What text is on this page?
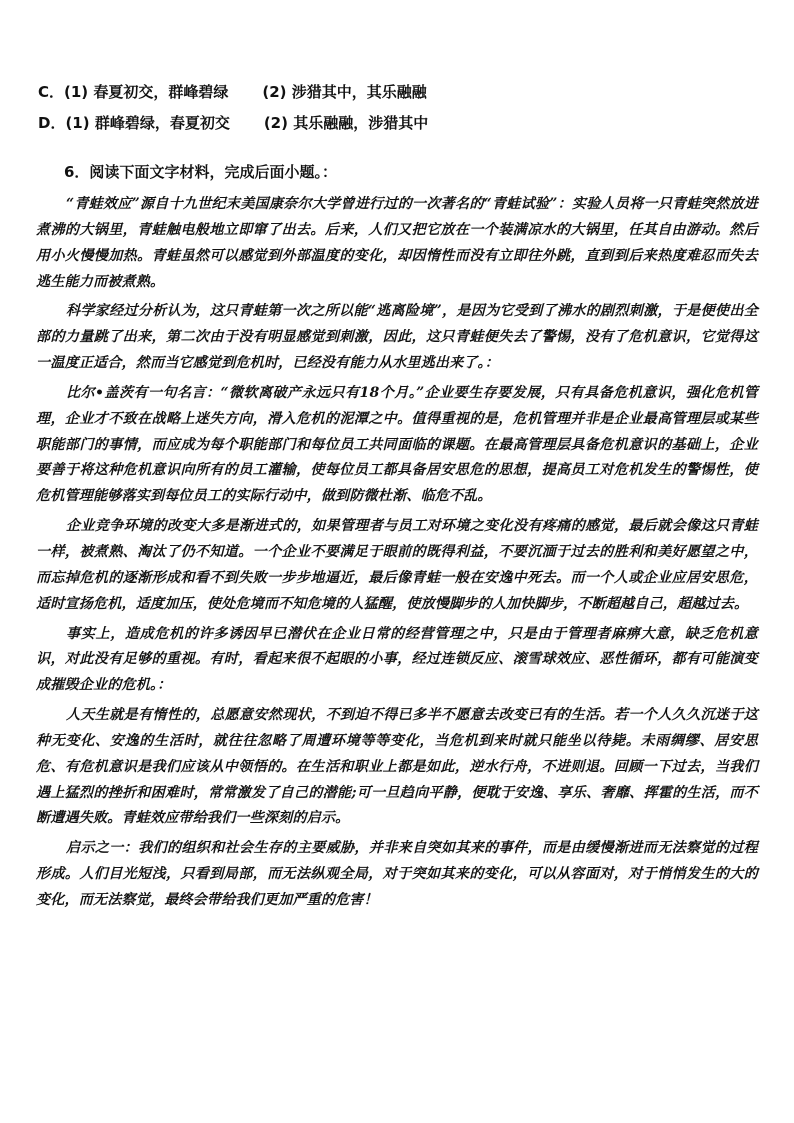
C．(1) 春夏初交，群峰碧绿 (2) 涉猎其中，其乐融融
D．(1) 群峰碧绿，春夏初交 (2) 其乐融融，涉猎其中
6．阅读下面文字材料，完成后面小题。：

“青蛙效应”源自十九世纪末美国康奈尔大学曾进行过的一次著名的“青蛙试验”：实验人员将一只青蛙突然放进煮沸的大锅里，青蛙触电般地立即窜了出去。后来，人们又把它放在一个装满凉水的大锅里，任其自由游动。然后用小火慢慢加热。青蛙虽然可以感觉到外部温度的变化，却因惰性而没有立即往外跳，直到到后来热度难忍而失去逃生能力而被煮熟。

科学家经过分析认为，这只青蛙第一次之所以能“逃离险境”，是因为它受到了沸水的剧烈刺激，于是便使出全部的力量跳了出来，第二次由于没有明显感觉到刺激，因此，这只青蛙便失去了警惕，没有了危机意识，它觉得这一温度正适合，然而当它感觉到危机时，已经没有能力从水里逃出来了。：

比尔•盖茨有一句名言：“微软离破产永远只有18个月。”企业要生存要发展，只有具备危机意识，强化危机管理，企业才不致在战略上迷失方向，滑入危机的泥潭之中。值得重视的是，危机管理并非是企业最高管理层或某些职能部门的事情，而应成为每个职能部门和每位员工共同面临的课题。在最高管理层具备危机意识的基础上，企业要善于将这种危机意识向所有的员工灌输，使每位员工都具备居安思危的思想，提高员工对危机发生的警惕性，使危机管理能够落实到每位员工的实际行动中，做到防微杜渐、临危不乱。

企业竞争环境的改变大多是渐进式的，如果管理者与员工对环境之变化没有疼痛的感觉，最后就会像这只青蛙一样，被煮熟、淘汰了仍不知道。一个企业不要满足于眼前的既得利益，不要沉湎于过去的胜利和美好愿望之中，而忘掉危机的逐渐形成和看不到失败一步步地逼近，最后像青蛙一般在安逸中死去。而一个人或企业应居安思危，适时宣扬危机，适度加压，使处危境而不知危境的人猛醒，使放慢脚步的人加快脚步，不断超越自己，超越过去。

事实上，造成危机的许多诱因早已潜伏在企业日常的经营管理之中，只是由于管理者麻痹大意，缺乏危机意识，对此没有足够的重视。有时，看起来很不起眼的小事，经过连锁反应、滚雪球效应、恶性循环，都有可能演变成摧毁企业的危机。：

人天生就是有惰性的，总愿意安然现状，不到迫不得已多半不愿意去改变已有的生活。若一个人久久沉迷于这种无变化、安逸的生活时，就往往忽略了周遭环境等等变化，当危机到来时就只能坐以待毙。未雨绸缪、居安思危、有危机意识是我们应该从中领悟的。在生活和职业上都是如此，逆水行舟，不进则退。回顾一下过去，当我们遇上猛烈的挫折和困难时，常常激发了自己的潜能;可一旦趋向平静，便耽于安逸、享乐、奢靡、挥霍的生活，而不断遭遇失败。青蛙效应带给我们一些深刻的启示。

启示之一：我们的组织和社会生存的主要威胁，并非来自突如其来的事件，而是由缓慢渐进而无法察觉的过程形成。人们目光短浅，只看到局部，而无法纵观全局，对于突如其来的变化，可以从容面对，对于悄悄发生的大的变化，而无法察觉，最终会带给我们更加严重的危害！
